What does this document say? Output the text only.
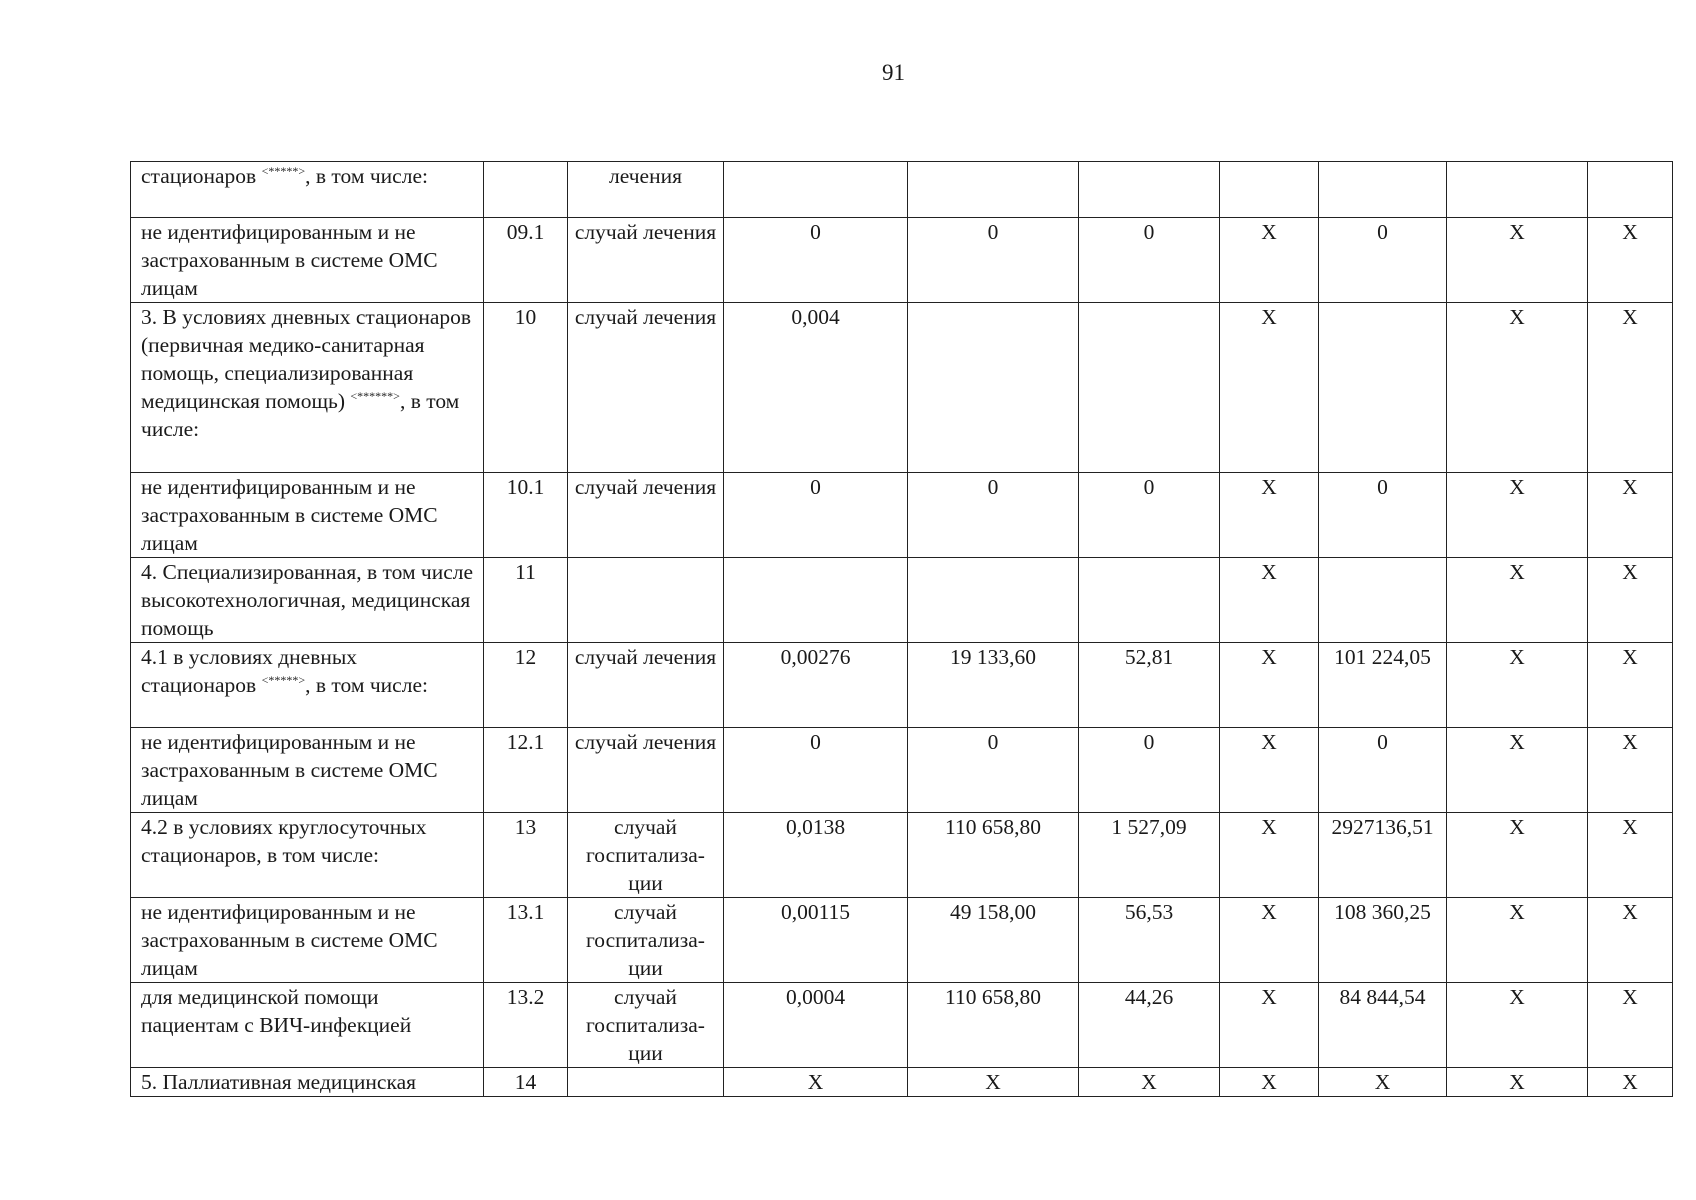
91
стационаров <*****>, в том числе:		лечения							
не идентифицированным и не застрахованным в системе ОМС лицам	09.1	случай лечения	0	0	0	X	0	X	X
3. В условиях дневных стационаров (первичная медико-санитарная помощь, специализированная медицинская помощь) <******>, в том числе:	10	случай лечения	0,004			X		X	X
не идентифицированным и не застрахованным в системе ОМС лицам	10.1	случай лечения	0	0	0	X	0	X	X
4. Специализированная, в том числе высокотехнологичная, медицинская помощь	11					X		X	X
4.1 в условиях дневных стационаров <*****>, в том числе:	12	случай лечения	0,00276	19 133,60	52,81	X	101 224,05	X	X
не идентифицированным и не застрахованным в системе ОМС лицам	12.1	случай лечения	0	0	0	X	0	X	X
4.2 в условиях круглосуточных стационаров, в том числе:	13	случай госпитализа-ции	0,0138	110 658,80	1 527,09	X	2927136,51	X	X
не идентифицированным и не застрахованным в системе ОМС лицам	13.1	случай госпитализа-ции	0,00115	49 158,00	56,53	X	108 360,25	X	X
для медицинской помощи пациентам с ВИЧ-инфекцией	13.2	случай госпитализа-ции	0,0004	110 658,80	44,26	X	84 844,54	X	X
5. Паллиативная медицинская	14		X	X	X	X	X	X	X
